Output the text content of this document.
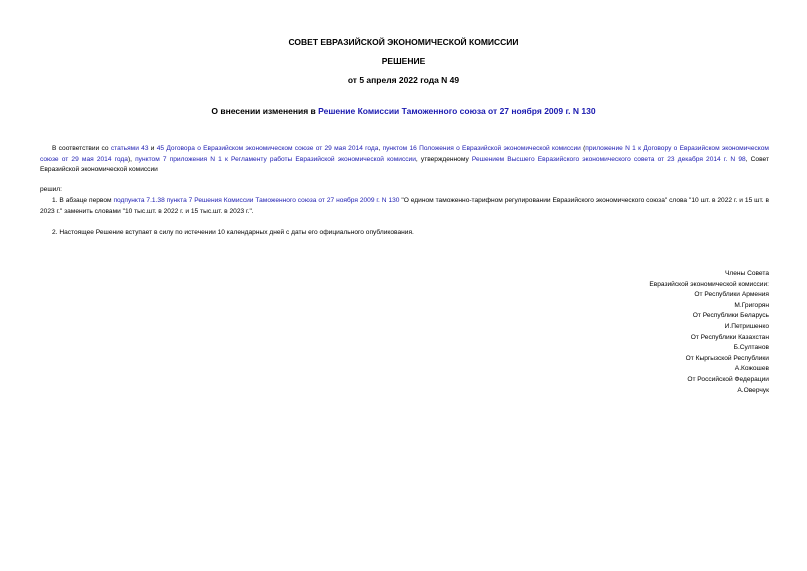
СОВЕТ ЕВРАЗИЙСКОЙ ЭКОНОМИЧЕСКОЙ КОМИССИИ
РЕШЕНИЕ
от 5 апреля 2022 года N 49
О внесении изменения в Решение Комиссии Таможенного союза от 27 ноября 2009 г. N 130
В соответствии со статьями 43 и 45 Договора о Евразийском экономическом союзе от 29 мая 2014 года, пунктом 16 Положения о Евразийской экономической комиссии (приложение N 1 к Договору о Евразийском экономическом союзе от 29 мая 2014 года), пунктом 7 приложения N 1 к Регламенту работы Евразийской экономической комиссии, утвержденному Решением Высшего Евразийского экономического совета от 23 декабря 2014 г. N 98, Совет Евразийской экономической комиссии
решил:
1. В абзаце первом подпункта 7.1.38 пункта 7 Решения Комиссии Таможенного союза от 27 ноября 2009 г. N 130 "О едином таможенно-тарифном регулировании Евразийского экономического союза" слова "10 шт. в 2022 г. и 15 шт. в 2023 г." заменить словами "10 тыс.шт. в 2022 г. и 15 тыс.шт. в 2023 г.".
2. Настоящее Решение вступает в силу по истечении 10 календарных дней с даты его официального опубликования.
Члены Совета
Евразийской экономической комиссии:
От Республики Армения
М.Григорян
От Республики Беларусь
И.Петришенко
От Республики Казахстан
Б.Султанов
От Кыргызской Республики
А.Кожошев
От Российской Федерации
А.Оверчук
